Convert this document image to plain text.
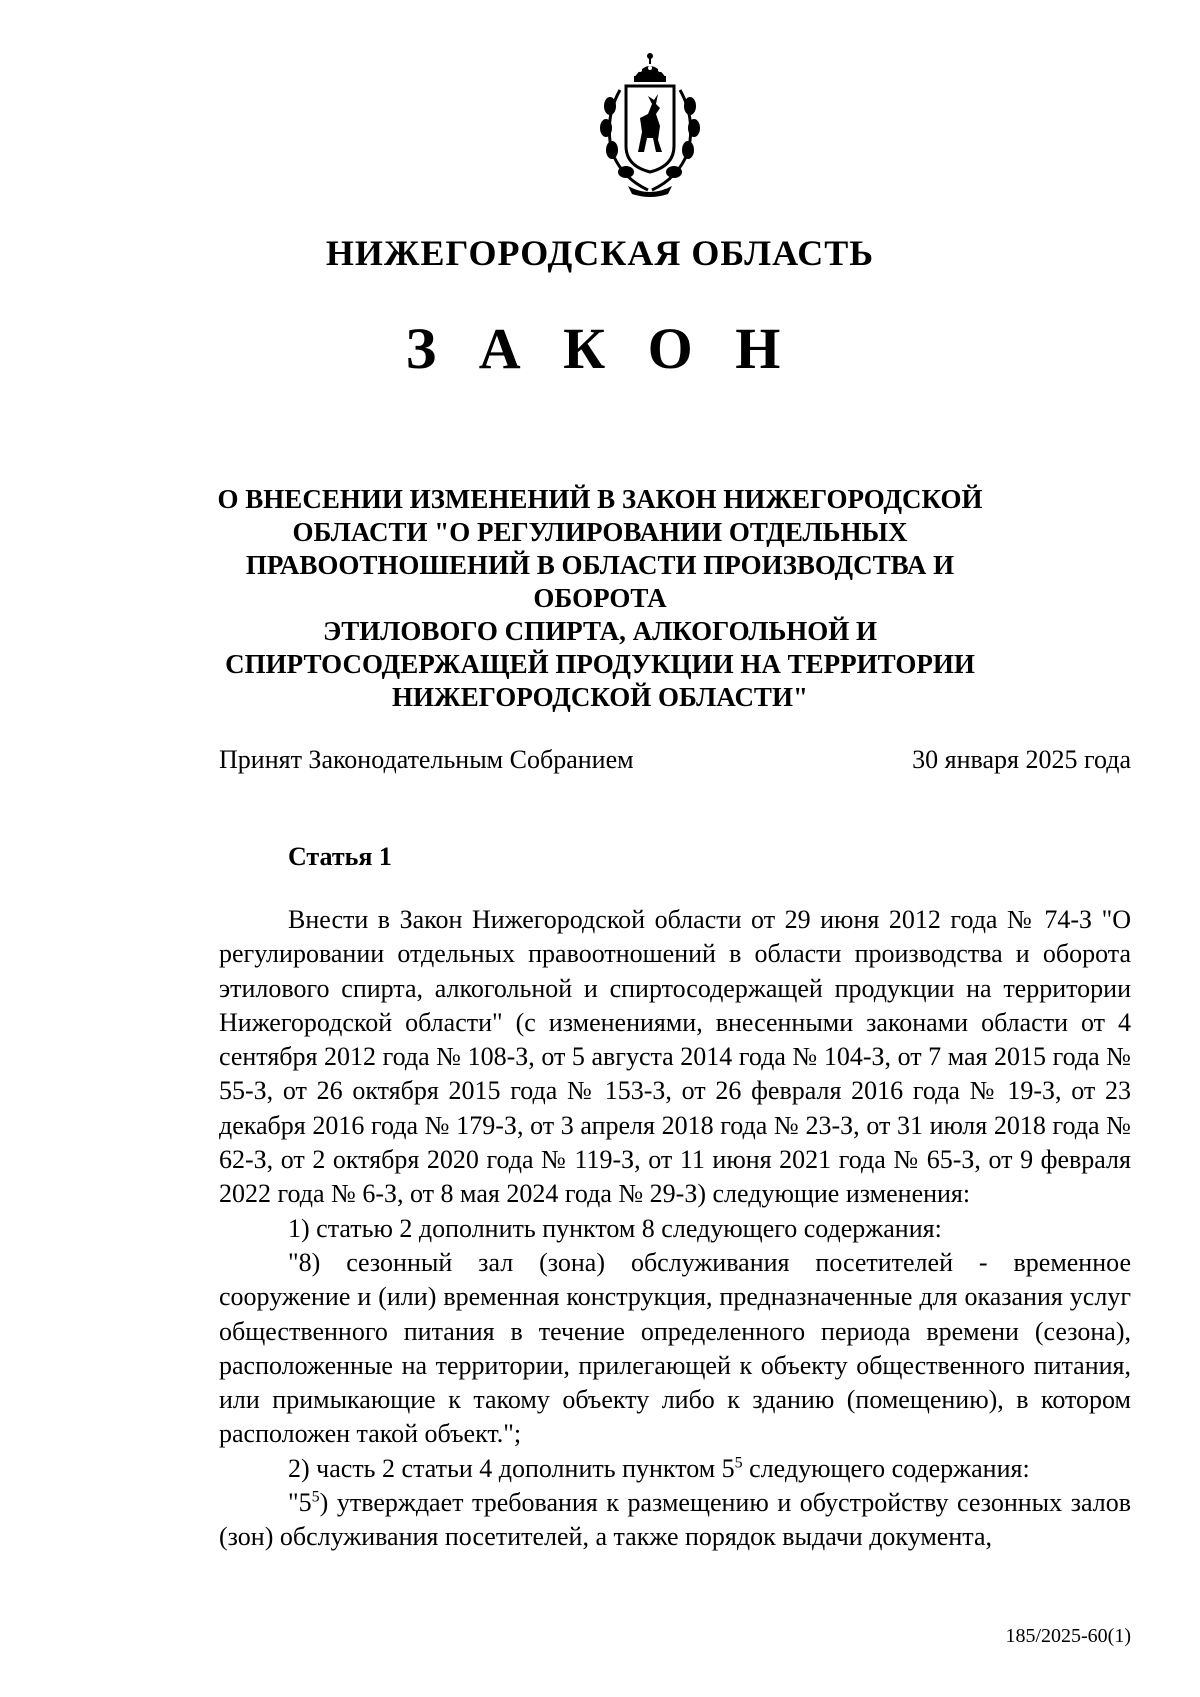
НИЖЕГОРОДСКАЯ ОБЛАСТЬ
З А К О Н
О ВНЕСЕНИИ ИЗМЕНЕНИЙ В ЗАКОН НИЖЕГОРОДСКОЙ
ОБЛАСТИ "О РЕГУЛИРОВАНИИ ОТДЕЛЬНЫХ
ПРАВООТНОШЕНИЙ В ОБЛАСТИ ПРОИЗВОДСТВА И ОБОРОТА
ЭТИЛОВОГО СПИРТА, АЛКОГОЛЬНОЙ И
СПИРТОСОДЕРЖАЩЕЙ ПРОДУКЦИИ НА ТЕРРИТОРИИ
НИЖЕГОРОДСКОЙ ОБЛАСТИ"
Принят Законодательным Собранием	30 января 2025 года
Статья 1

Внести в Закон Нижегородской области от 29 июня 2012 года № 74-З "О регулировании отдельных правоотношений в области производства и оборота этилового спирта, алкогольной и спиртосодержащей продукции на территории Нижегородской области" (с изменениями, внесенными законами области от 4 сентября 2012 года № 108-З, от 5 августа 2014 года № 104-З, от 7 мая 2015 года № 55-З, от 26 октября 2015 года № 153-З, от 26 февраля 2016 года № 19-З, от 23 декабря 2016 года № 179-З, от 3 апреля 2018 года № 23-З, от 31 июля 2018 года № 62-З, от 2 октября 2020 года № 119-З, от 11 июня 2021 года № 65-З, от 9 февраля 2022 года № 6-З, от 8 мая 2024 года № 29-З) следующие изменения:

1) статью 2 дополнить пунктом 8 следующего содержания:

"8) сезонный зал (зона) обслуживания посетителей - временное сооружение и (или) временная конструкция, предназначенные для оказания услуг общественного питания в течение определенного периода времени (сезона), расположенные на территории, прилегающей к объекту общественного питания, или примыкающие к такому объекту либо к зданию (помещению), в котором расположен такой объект.";

2) часть 2 статьи 4 дополнить пунктом $5^5$ следующего содержания:

"$5^5$) утверждает требования к размещению и обустройству сезонных залов (зон) обслуживания посетителей, а также порядок выдачи документа,

185/2025-60(1)
